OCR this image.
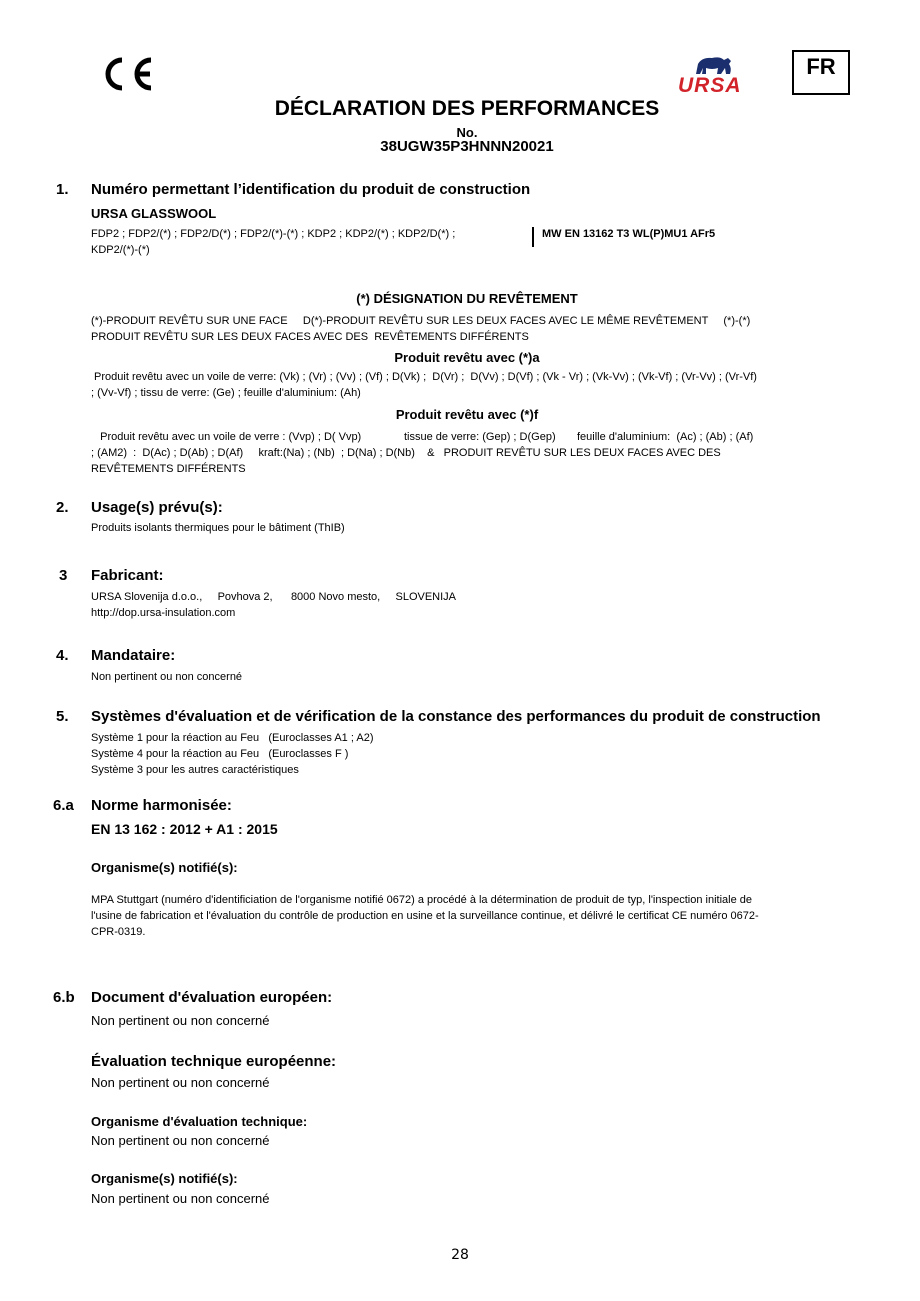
URSA
FR
DÉCLARATION DES PERFORMANCES
No.
38UGW35P3HNNN20021
1. Numéro permettant l’identification du produit de construction
URSA GLASSWOOL
FDP2 ; FDP2/(*) ; FDP2/D(*) ; FDP2/(*)-(*) ; KDP2 ; KDP2/(*) ; KDP2/D(*) ;
KDP2/(*)-(*)
MW EN 13162 T3 WL(P)MU1 AFr5
(*) DÉSIGNATION DU REVÊTEMENT
(*)-PRODUIT REVÊTU SUR UNE FACE     D(*)-PRODUIT REVÊTU SUR LES DEUX FACES AVEC LE MÊME REVÊTEMENT     (*)-(*)
PRODUIT REVÊTU SUR LES DEUX FACES AVEC DES  REVÊTEMENTS DIFFÉRENTS
Produit revêtu avec (*)a
Produit revêtu avec un voile de verre: (Vk) ; (Vr) ; (Vv) ; (Vf) ; D(Vk) ;  D(Vr) ;  D(Vv) ; D(Vf) ; (Vk - Vr) ; (Vk-Vv) ; (Vk-Vf) ; (Vr-Vv) ; (Vr-Vf)
; (Vv-Vf) ; tissu de verre: (Ge) ; feuille d'aluminium: (Ah)
Produit revêtu avec (*)f
Produit revêtu avec un voile de verre : (Vvp) ; D( Vvp)              tissue de verre: (Gep) ; D(Gep)       feuille d'aluminium:  (Ac) ; (Ab) ; (Af)
; (AM2)  :  D(Ac) ; D(Ab) ; D(Af)     kraft:(Na) ; (Nb)  ; D(Na) ; D(Nb)    &   PRODUIT REVÊTU SUR LES DEUX FACES AVEC DES
REVÊTEMENTS DIFFÉRENTS
2. Usage(s) prévu(s):
Produits isolants thermiques pour le bâtiment (ThIB)
3 Fabricant:
URSA Slovenija d.o.o.,     Povhova 2,      8000 Novo mesto,     SLOVENIJA
http://dop.ursa-insulation.com
4. Mandataire:
Non pertinent ou non concerné
5. Systèmes d'évaluation et de vérification de la constance des performances du produit de construction
Système 1 pour la réaction au Feu   (Euroclasses A1 ; A2)
Système 4 pour la réaction au Feu   (Euroclasses F )
Système 3 pour les autres caractéristiques
6.a Norme harmonisée:
EN 13 162 : 2012 + A1 : 2015
Organisme(s) notifié(s):
MPA Stuttgart (numéro d'identificiation de l'organisme notifié 0672) a procédé à la détermination de produit de typ, l'inspection initiale de
l'usine de fabrication et l'évaluation du contrôle de production en usine et la surveillance continue, et délivré le certificat CE numéro 0672-
CPR-0319.
6.b Document d'évaluation européen:
Non pertinent ou non concerné
Évaluation technique européenne:
Non pertinent ou non concerné
Organisme d'évaluation technique:
Non pertinent ou non concerné
Organisme(s) notifié(s):
Non pertinent ou non concerné
28
